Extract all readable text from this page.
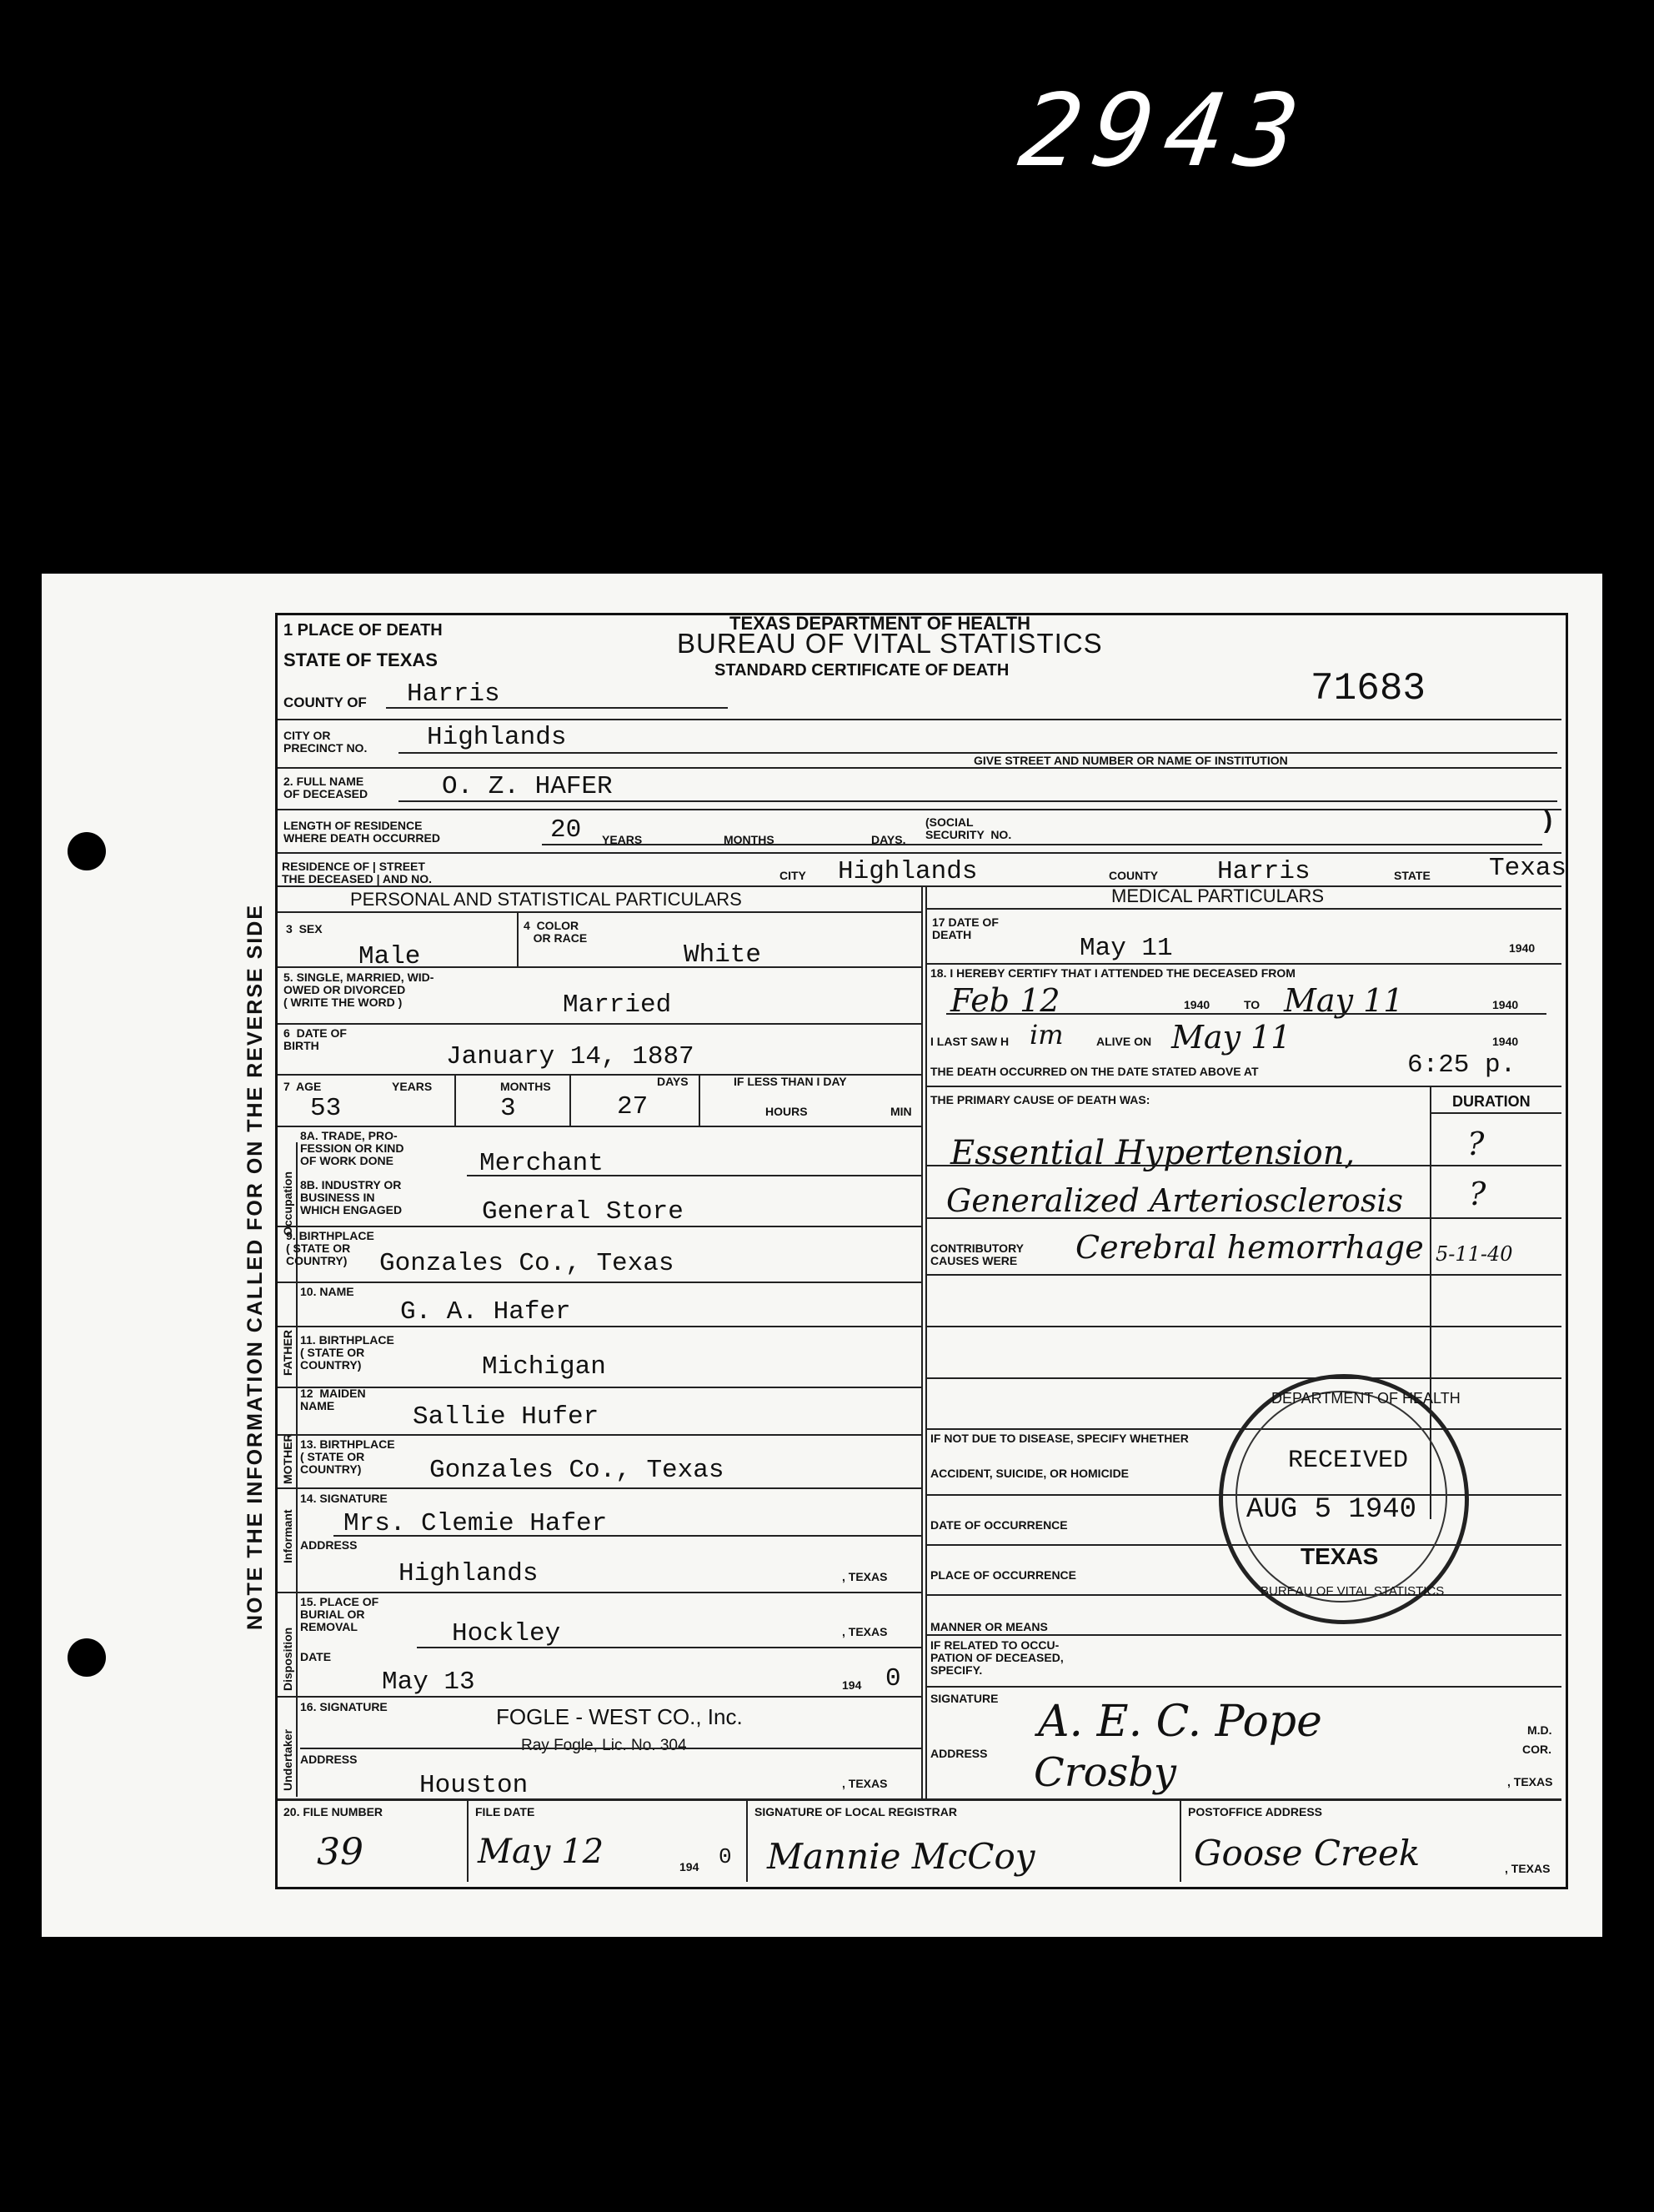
2943
NOTE THE INFORMATION CALLED FOR ON THE REVERSE SIDE
1 PLACE OF DEATH
STATE OF TEXAS
TEXAS DEPARTMENT OF HEALTH
BUREAU OF VITAL STATISTICS
STANDARD CERTIFICATE OF DEATH	71683
COUNTY OF Harris
CITY OR
PRECINCT NO. Highlands
GIVE STREET AND NUMBER OR NAME OF INSTITUTION
2. FULL NAME
OF DECEASED	O. Z. HAFER
LENGTH OF RESIDENCE
WHERE DEATH OCCURRED	20 YEARS	MONTHS	DAYS.
(SOCIAL
SECURITY  NO.
)
RESIDENCE OF | STREET
THE DECEASED | AND NO.	CITY Highlands	COUNTY Harris	STATE Texas
PERSONAL AND STATISTICAL PARTICULARS	MEDICAL PARTICULARS
Occupation
FATHER
MOTHER
Informant
Disposition
Undertaker
3  SEX
Male
4  COLOR
OR RACE
White
5. SINGLE, MARRIED, WID-
OWED OR DIVORCED
( WRITE THE WORD )	Married
6  DATE OF
BIRTH	January 14, 1887
7  AGE	YEARS	MONTHS	DAYS	IF LESS THAN I DAY
53	3	27	HOURS	MIN
8A. TRADE, PRO-
FESSION OR KIND
OF WORK DONE	Merchant
8B. INDUSTRY OR
BUSINESS IN
WHICH ENGAGED	General Store
9. BIRTHPLACE
( STATE OR
COUNTRY)	Gonzales Co., Texas
10. NAME
G. A. Hafer
11. BIRTHPLACE
( STATE OR
COUNTRY)	Michigan
12  MAIDEN
NAME	Sallie Hufer
13. BIRTHPLACE
( STATE OR
COUNTRY)	Gonzales Co., Texas
14. SIGNATURE
Mrs. Clemie Hafer
ADDRESS
Highlands	, TEXAS
15. PLACE OF
BURIAL OR
REMOVAL	Hockley	, TEXAS
DATE
May 13	194 0
16. SIGNATURE	FOGLE - WEST CO., Inc.
Ray Fogle, Lic. No. 304
ADDRESS
Houston	, TEXAS
17 DATE OF
DEATH	May 11	1940
18. I HEREBY CERTIFY THAT I ATTENDED THE DECEASED FROM
Feb 12	1940	TO May 11	1940
I LAST SAW H im	ALIVE ON May 11	1940
THE DEATH OCCURRED ON THE DATE STATED ABOVE AT	6:25 p.
THE PRIMARY CAUSE OF DEATH WAS:	DURATION
Essential Hypertension,	?
Generalized Arteriosclerosis ?
CONTRIBUTORY
CAUSES WERE Cerebral hemorrhage 5-11-40
IF NOT DUE TO DISEASE, SPECIFY WHETHER
ACCIDENT, SUICIDE, OR HOMICIDE
DATE OF OCCURRENCE
PLACE OF OCCURRENCE
MANNER OR MEANS
IF RELATED TO OCCU-
PATION OF DECEASED,
SPECIFY.
SIGNATURE A. E. C. Pope	M.D.
COR.
ADDRESS Crosby	, TEXAS
DEPARTMENT OF HEALTH
RECEIVED
AUG 5 1940
TEXAS
BUREAU OF VITAL STATISTICS
20. FILE NUMBER
39
FILE DATE
May 12	194 0
SIGNATURE OF LOCAL REGISTRAR
Mannie McCoy
POSTOFFICE ADDRESS
Goose Creek	, TEXAS
